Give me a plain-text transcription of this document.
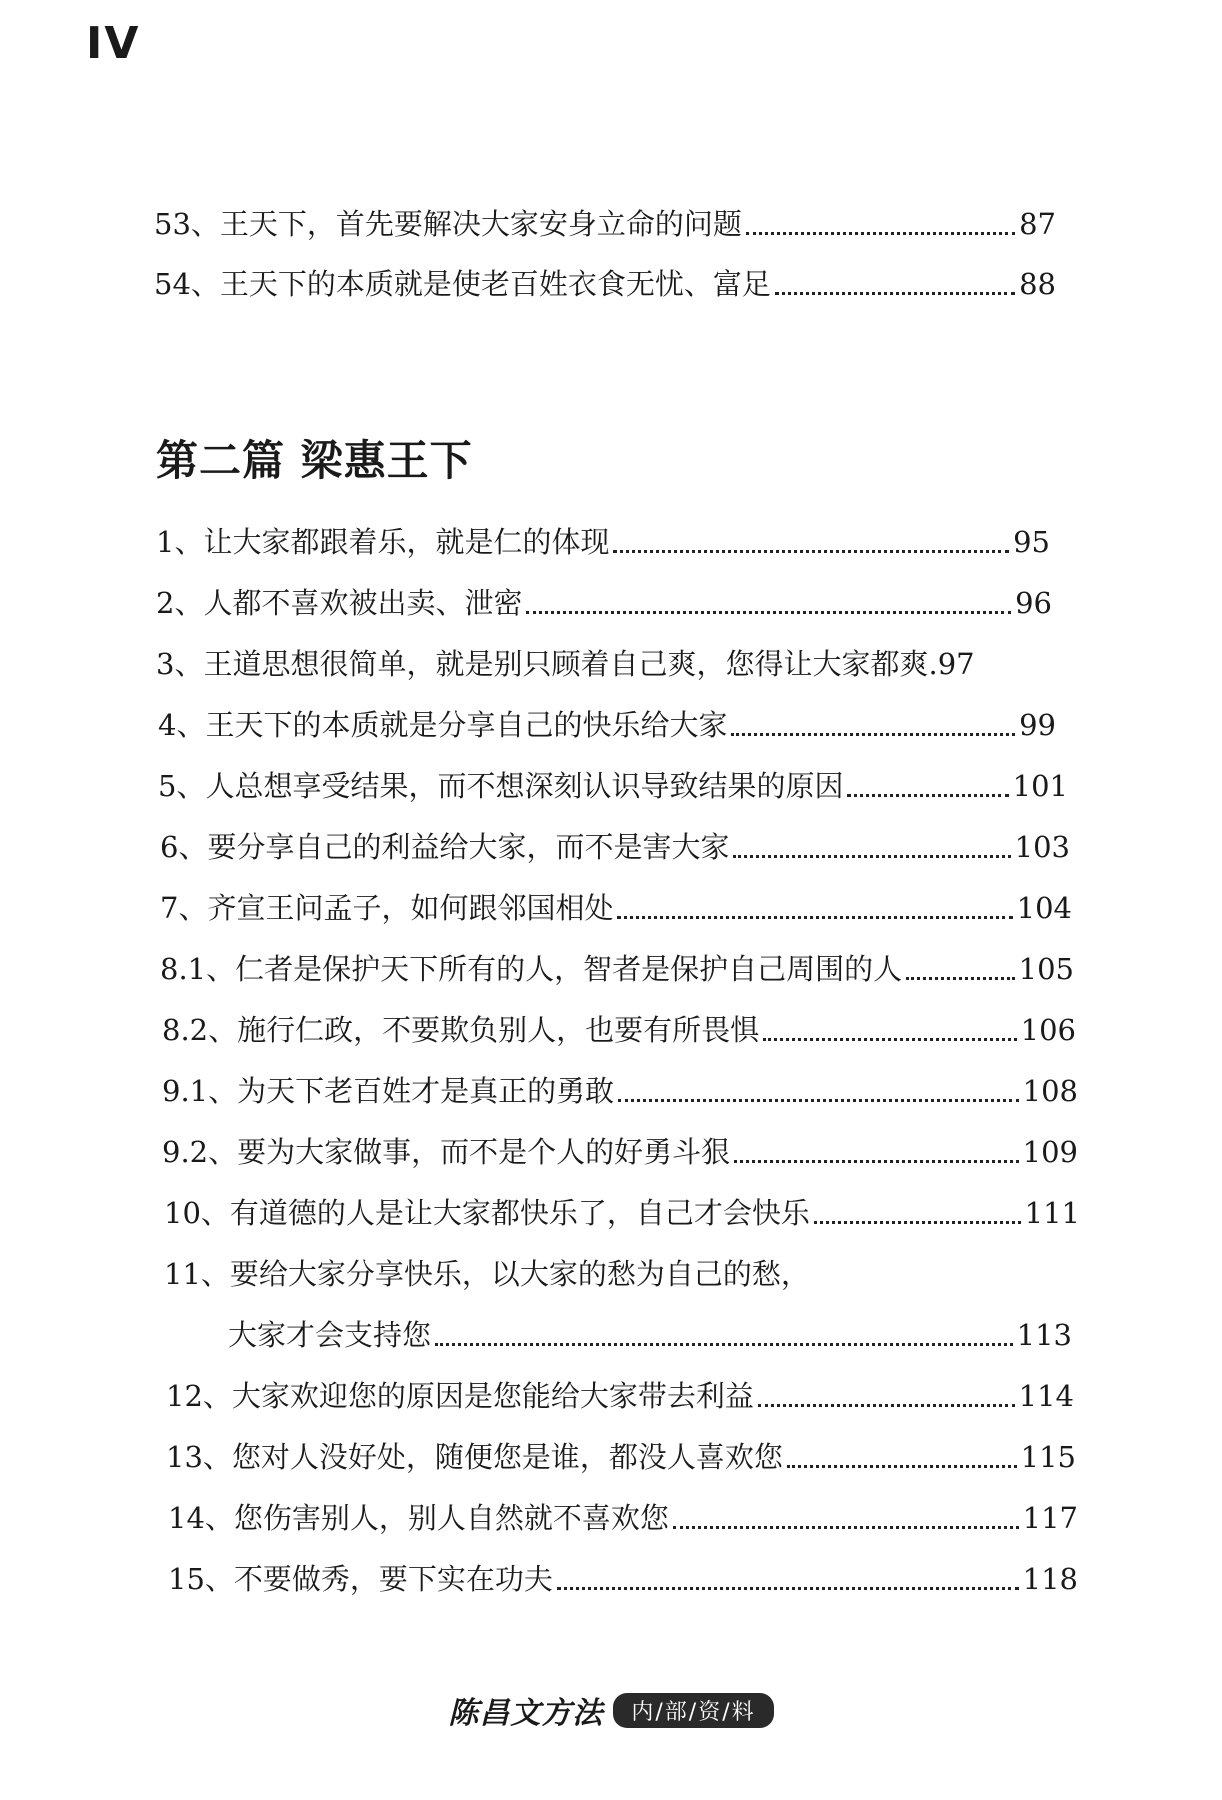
IV
53、 王天下，首先要解决大家安身立命的问题	87
54、 王天下的本质就是使老百姓衣食无忧、富足	88
第二篇 梁惠王下
1、 让大家都跟着乐，就是仁的体现	95
2、 人都不喜欢被出卖、泄密	96
3、 王道思想很简单，就是别只顾着自己爽，您得让大家都爽. 97
4、 王天下的本质就是分享自己的快乐给大家	99
5、 人总想享受结果，而不想深刻认识导致结果的原因	101
6、 要分享自己的利益给大家，而不是害大家	103
7、 齐宣王问孟子，如何跟邻国相处	104
8.1、 仁者是保护天下所有的人，智者是保护自己周围的人	105
8.2、 施行仁政，不要欺负别人，也要有所畏惧	106
9.1、 为天下老百姓才是真正的勇敢	108
9.2、 要为大家做事，而不是个人的好勇斗狠	109
10、 有道德的人是让大家都快乐了，自己才会快乐	111
11、 要给大家分享快乐，以大家的愁为自己的愁，
大家才会支持您	113
12、 大家欢迎您的原因是您能给大家带去利益	114
13、 您对人没好处，随便您是谁，都没人喜欢您	115
14、 您伤害别人，别人自然就不喜欢您	117
15、 不要做秀，要下实在功夫	118
陈昌文方法	内/部/资/料
